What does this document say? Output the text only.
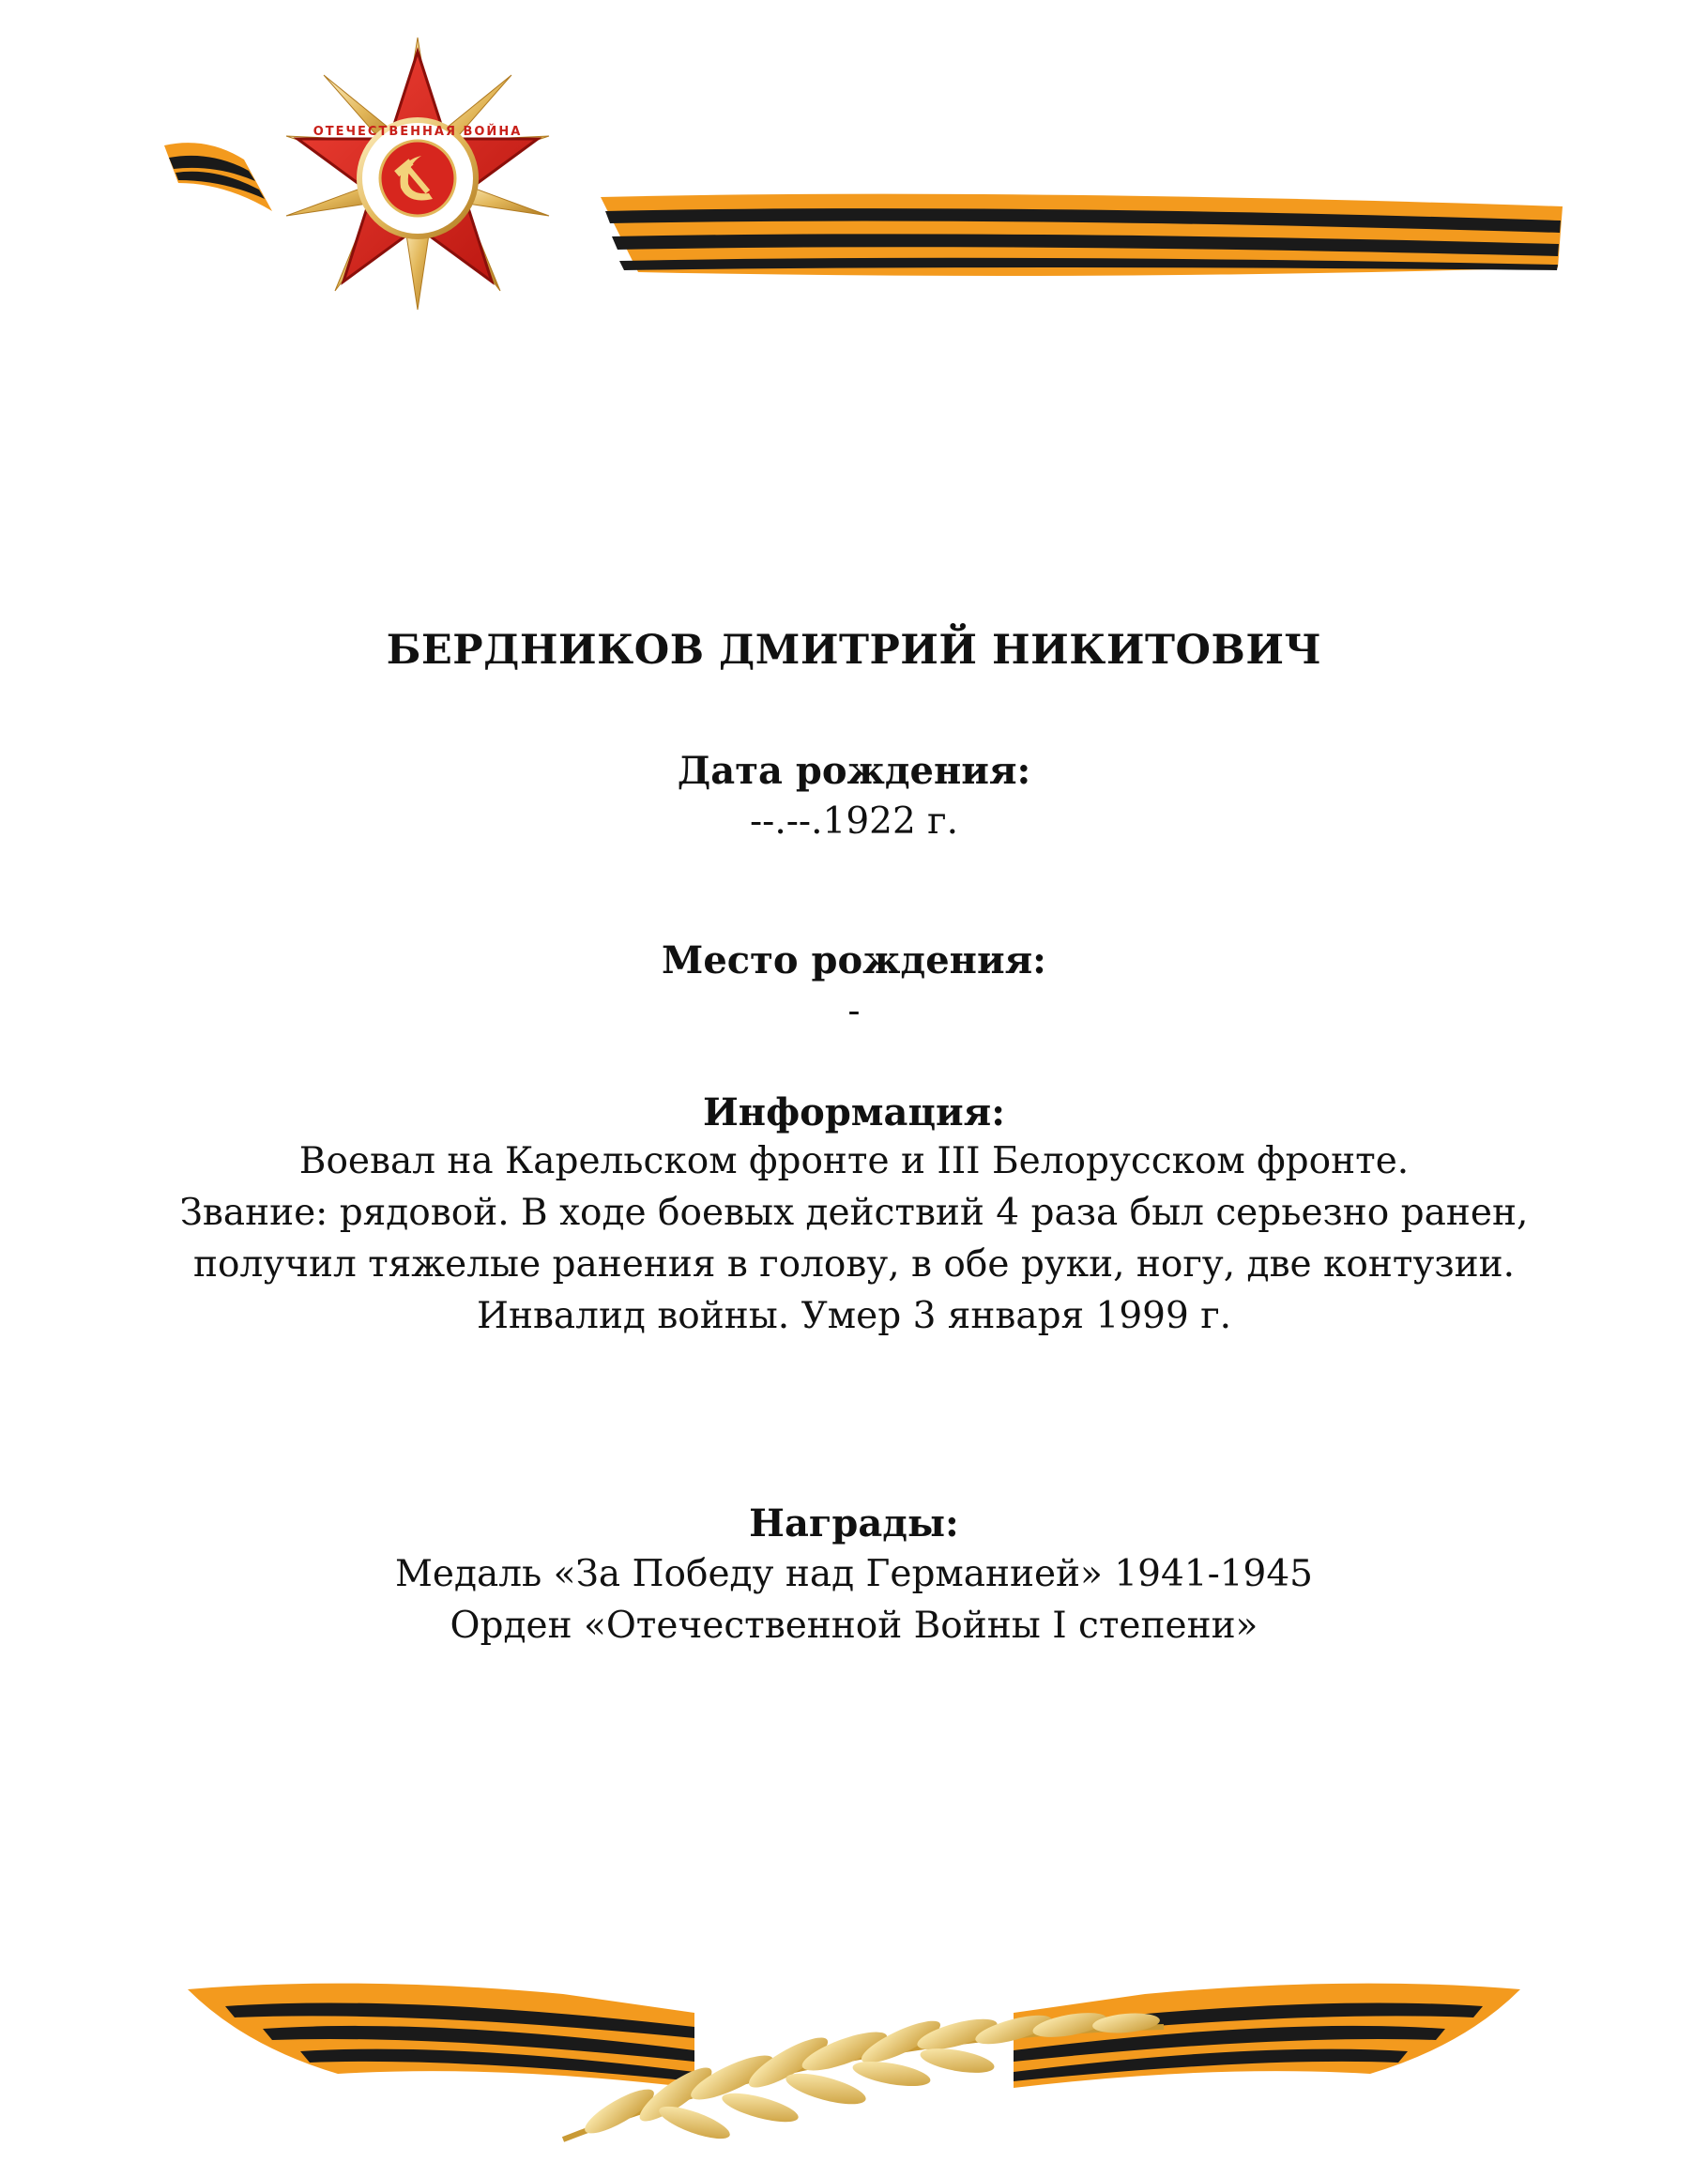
ОТЕЧЕСТВЕННАЯ ВОЙНА
БЕРДНИКОВ ДМИТРИЙ НИКИТОВИЧ
Дата рождения:
--.--.1922 г.
Место рождения:
-
Информация:
Воевал на Карельском фронте и III Белорусском фронте.
Звание: рядовой. В ходе боевых действий 4 раза был серьезно ранен,
получил тяжелые ранения в голову, в обе руки, ногу, две контузии.
Инвалид войны. Умер 3 января 1999 г.
Награды:
Медаль «За Победу над Германией» 1941-1945
Орден «Отечественной Войны I степени»
